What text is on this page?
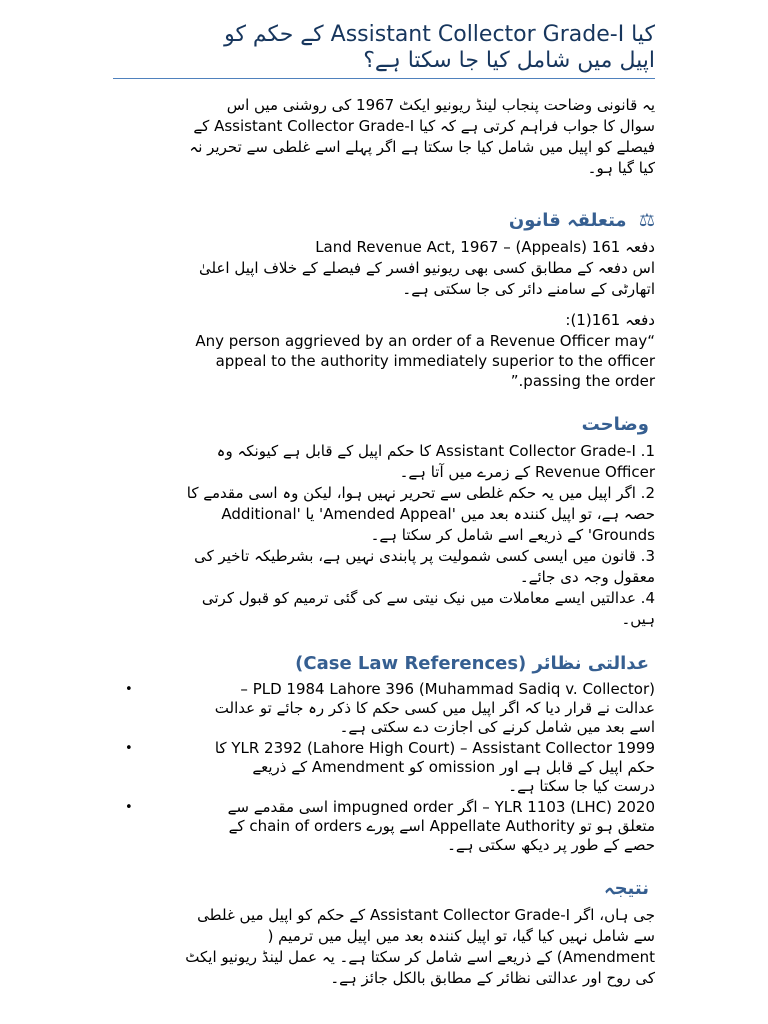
کیا Assistant Collector Grade-I کے حکم کو
اپیل میں شامل کیا جا سکتا ہے؟
یہ قانونی وضاحت پنجاب لینڈ ریونیو ایکٹ 1967 کی روشنی میں اس
سوال کا جواب فراہم کرتی ہے کہ کیا Assistant Collector Grade-I کے
فیصلے کو اپیل میں شامل کیا جا سکتا ہے اگر پہلے اسے غلطی سے تحریر نہ
کیا گیا ہو۔
⚖ متعلقہ قانون

دفعہ 161 (Appeals) – Land Revenue Act, 1967

اس دفعہ کے مطابق کسی بھی ریونیو افسر کے فیصلے کے خلاف اپیل اعلیٰ
اتھارٹی کے سامنے دائر کی جا سکتی ہے۔

دفعہ 161(1):

“Any person aggrieved by an order of a Revenue Officer may
appeal to the authority immediately superior to the officer
passing the order.”

وضاحت
1. Assistant Collector Grade-I کا حکم اپیل کے قابل ہے کیونکہ وہ
Revenue Officer کے زمرے میں آتا ہے۔
2. اگر اپیل میں یہ حکم غلطی سے تحریر نہیں ہوا، لیکن وہ اسی مقدمے کا
حصہ ہے، تو اپیل کنندہ بعد میں 'Amended Appeal' یا 'Additional
Grounds' کے ذریعے اسے شامل کر سکتا ہے۔
3. قانون میں ایسی کسی شمولیت پر پابندی نہیں ہے، بشرطیکہ تاخیر کی
معقول وجہ دی جائے۔
4. عدالتیں ایسے معاملات میں نیک نیتی سے کی گئی ترمیم کو قبول کرتی
ہیں۔
عدالتی نظائر (Case Law References)
•	PLD 1984 Lahore 396 (Muhammad Sadiq v. Collector) –
عدالت نے قرار دیا کہ اگر اپیل میں کسی حکم کا ذکر رہ جائے تو عدالت
اسے بعد میں شامل کرنے کی اجازت دے سکتی ہے۔
•	1999 YLR 2392 (Lahore High Court) – Assistant Collector کا
حکم اپیل کے قابل ہے اور omission کو Amendment کے ذریعے
درست کیا جا سکتا ہے۔
•	2020 YLR 1103 (LHC) – اگر impugned order اسی مقدمے سے
متعلق ہو تو Appellate Authority اسے پورے chain of orders کے
حصے کے طور پر دیکھ سکتی ہے۔
نتیجہ

جی ہاں، اگر Assistant Collector Grade-I کے حکم کو اپیل میں غلطی
سے شامل نہیں کیا گیا، تو اپیل کنندہ بعد میں اپیل میں ترمیم (
Amendment) کے ذریعے اسے شامل کر سکتا ہے۔ یہ عمل لینڈ ریونیو ایکٹ
کی روح اور عدالتی نظائر کے مطابق بالکل جائز ہے۔
